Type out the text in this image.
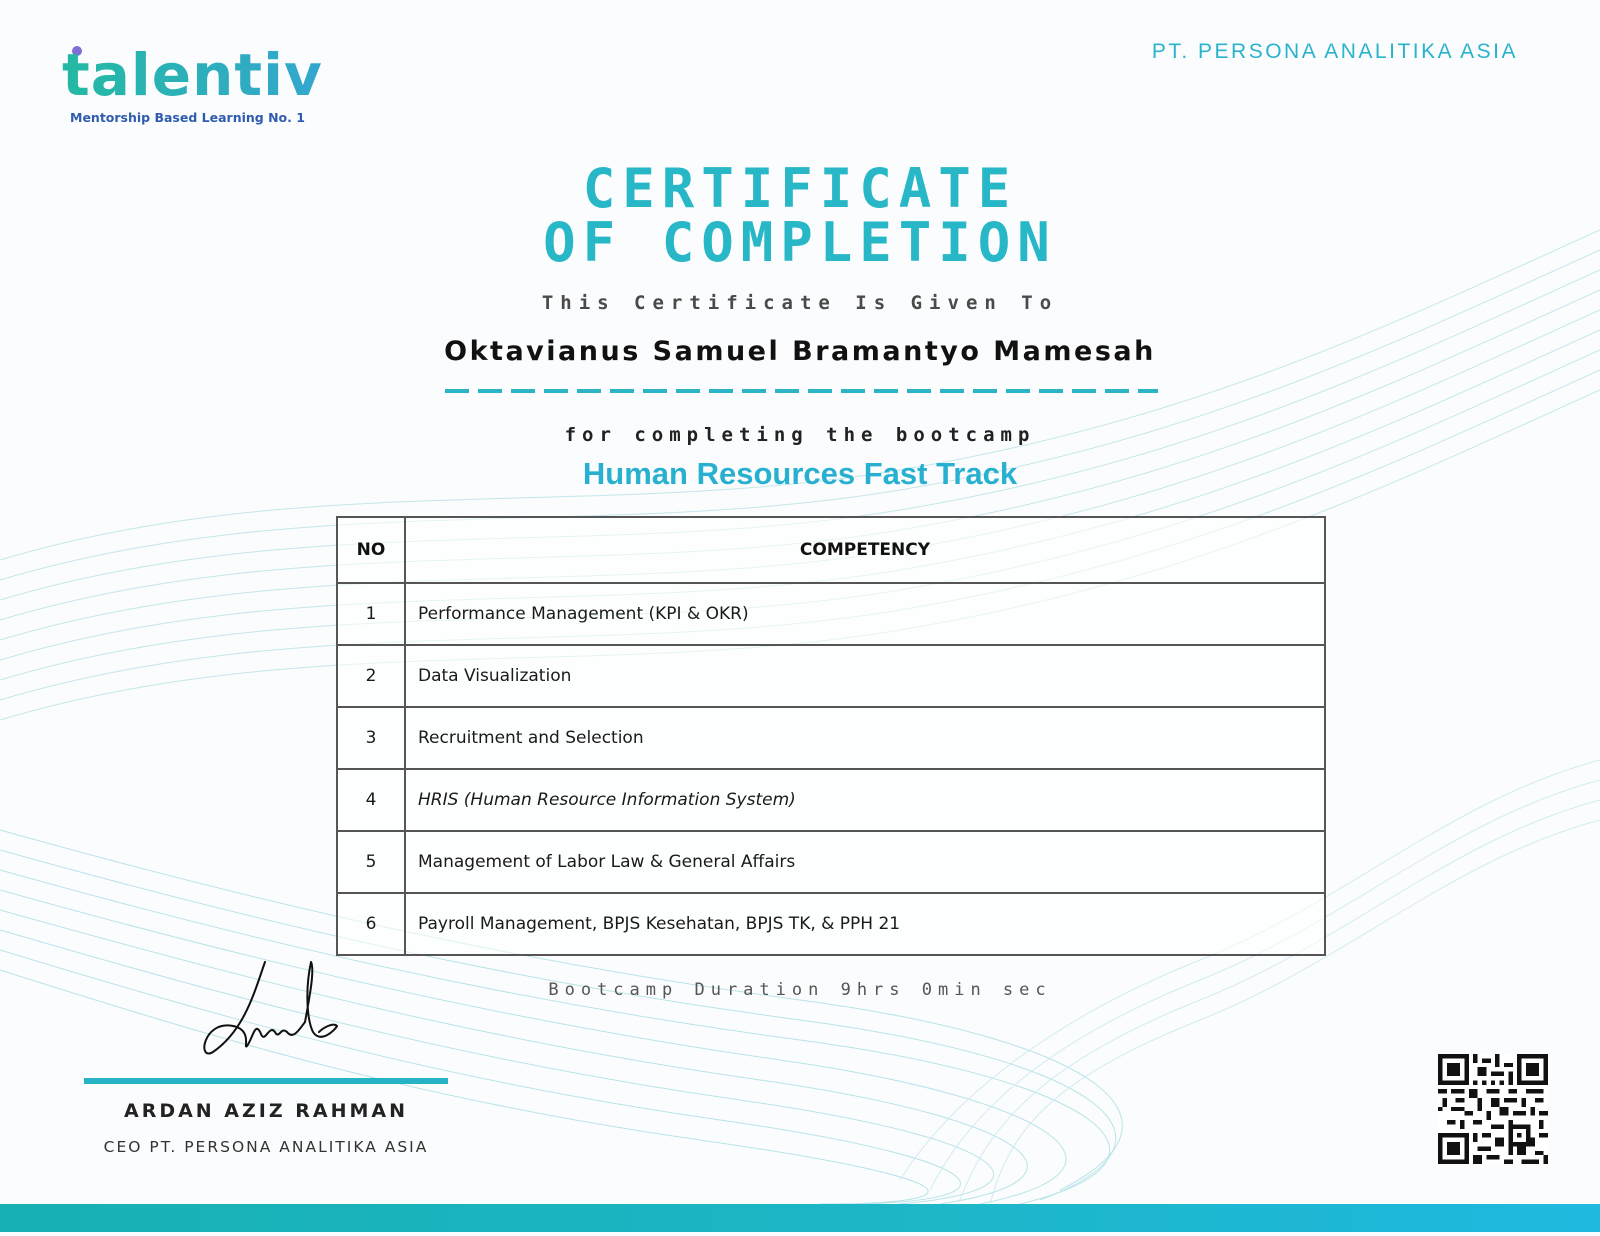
talentiv
Mentorship Based Learning No. 1
PT. PERSONA ANALITIKA ASIA
CERTIFICATE
OF COMPLETION
This Certificate Is Given To
Oktavianus Samuel Bramantyo Mamesah
for completing the bootcamp
Human Resources Fast Track
NO	COMPETENCY
1	Performance Management (KPI & OKR)
2	Data Visualization
3	Recruitment and Selection
4	HRIS (Human Resource Information System)
5	Management of Labor Law & General Affairs
6	Payroll Management, BPJS Kesehatan, BPJS TK, & PPH 21
Bootcamp Duration 9hrs 0min sec
ARDAN AZIZ RAHMAN
CEO PT. PERSONA ANALITIKA ASIA
